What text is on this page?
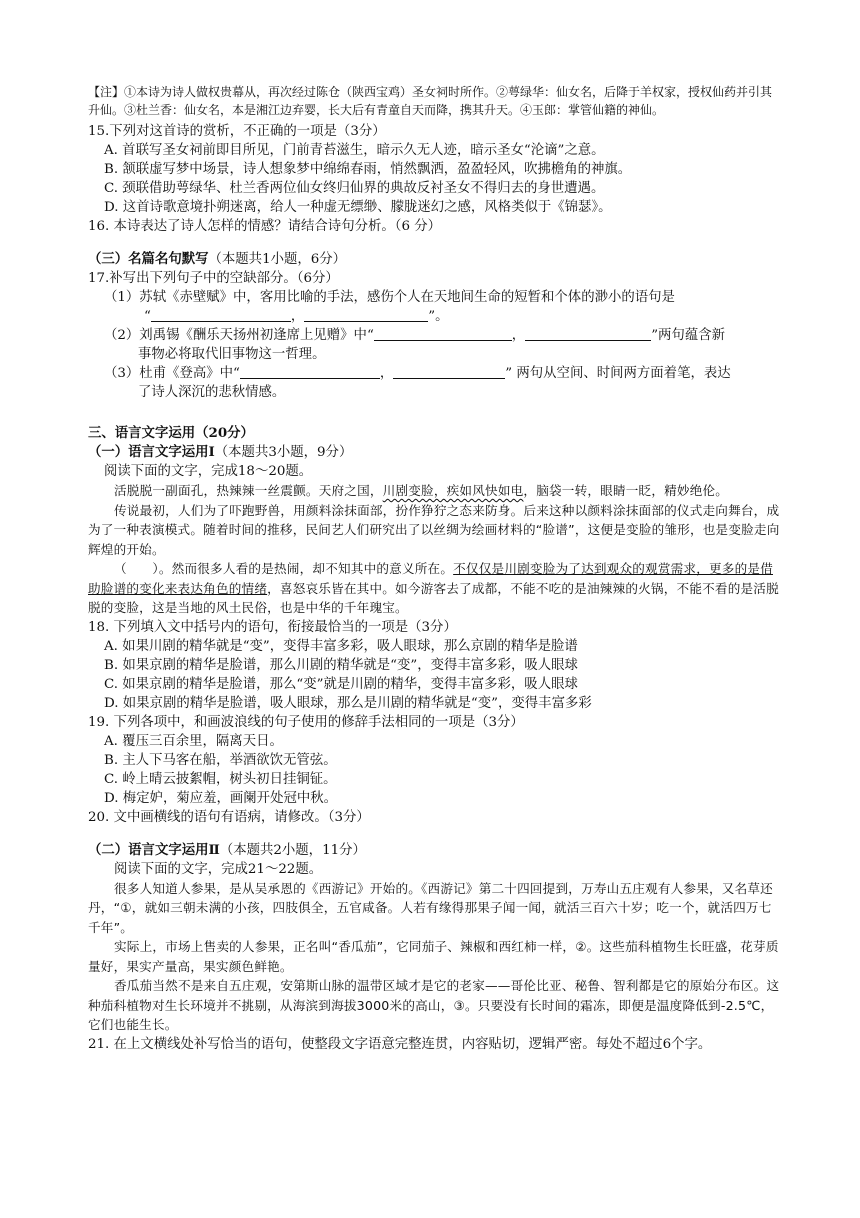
【注】①本诗为诗人做权贵幕从，再次经过陈仓（陕西宝鸡）圣女祠时所作。②萼绿华：仙女名，后降于羊权家，授权仙药并引其升仙。③杜兰香：仙女名，本是湘江边弃婴，长大后有青童自天而降，携其升天。④玉郎：掌管仙籍的神仙。

15.下列对这首诗的赏析，不正确的一项是（3分）

A. 首联写圣女祠前即目所见，门前青苔滋生，暗示久无人迹，暗示圣女“沦谪”之意。

B. 颔联虚写梦中场景，诗人想象梦中绵绵春雨，悄然飘洒，盈盈轻风，吹拂檐角的神旗。

C. 颈联借助萼绿华、杜兰香两位仙女终归仙界的典故反衬圣女不得归去的身世遭遇。

D. 这首诗歌意境扑朔迷离，给人一种虚无缥缈、朦胧迷幻之感，风格类似于《锦瑟》。

16. 本诗表达了诗人怎样的情感？请结合诗句分析。（6 分）

（三）名篇名句默写（本题共1小题，6分）

17.补写出下列句子中的空缺部分。（6分）

（1）苏轼《赤壁赋》中，客用比喻的手法，感伤个人在天地间生命的短暂和个体的渺小的语句是

“	，	”。

（2）刘禹锡《酬乐天扬州初逢席上见赠》中“	，	”两句蕴含新

事物必将取代旧事物这一哲理。

（3）杜甫《登高》中“	，	” 两句从空间、时间两方面着笔，表达

了诗人深沉的悲秋情感。

三、语言文字运用（20分）

（一）语言文字运用Ⅰ（本题共3小题，9分）

阅读下面的文字，完成18～20题。

活脱脱一副面孔，热辣辣一丝震颤。天府之国，川剧变脸，疾如风快如电，脑袋一转，眼睛一眨，精妙绝伦。

传说最初，人们为了吓跑野兽，用颜料涂抹面部，扮作狰狞之态来防身。后来这种以颜料涂抹面部的仪式走向舞台，成为了一种表演模式。随着时间的推移，民间艺人们研究出了以丝绸为绘画材料的“脸谱”，这便是变脸的雏形，也是变脸走向辉煌的开始。

（　　）。然而很多人看的是热闹，却不知其中的意义所在。不仅仅是川剧变脸为了达到观众的观赏需求，更多的是借助脸谱的变化来表达角色的情绪，喜怒哀乐皆在其中。如今游客去了成都，不能不吃的是油辣辣的火锅，不能不看的是活脱脱的变脸，这是当地的风土民俗，也是中华的千年瑰宝。

18. 下列填入文中括号内的语句，衔接最恰当的一项是（3分）

A. 如果川剧的精华就是“变”，变得丰富多彩，吸人眼球，那么京剧的精华是脸谱

B. 如果京剧的精华是脸谱，那么川剧的精华就是“变”，变得丰富多彩，吸人眼球

C. 如果京剧的精华是脸谱，那么“变”就是川剧的精华，变得丰富多彩，吸人眼球

D. 如果京剧的精华是脸谱，吸人眼球，那么是川剧的精华就是“变”，变得丰富多彩

19. 下列各项中，和画波浪线的句子使用的修辞手法相同的一项是（3分）

A. 覆压三百余里，隔离天日。

B. 主人下马客在船，举酒欲饮无管弦。

C. 岭上晴云披絮帽，树头初日挂铜钲。

D. 梅定妒，菊应羞，画阑开处冠中秋。

20. 文中画横线的语句有语病，请修改。（3分）

（二）语言文字运用Ⅱ（本题共2小题，11分）

阅读下面的文字，完成21～22题。

很多人知道人参果，是从吴承恩的《西游记》开始的。《西游记》第二十四回提到，万寿山五庄观有人参果，又名草还丹，“①，就如三朝未满的小孩，四肢俱全，五官咸备。人若有缘得那果子闻一闻，就活三百六十岁；吃一个，就活四万七千年”。

实际上，市场上售卖的人参果，正名叫“香瓜茄”，它同茄子、辣椒和西红柿一样，②。这些茄科植物生长旺盛，花芽质量好，果实产量高，果实颜色鲜艳。

香瓜茄当然不是来自五庄观，安第斯山脉的温带区域才是它的老家——哥伦比亚、秘鲁、智利都是它的原始分布区。这种茄科植物对生长环境并不挑剔，从海滨到海拔3000米的高山，③。只要没有长时间的霜冻，即便是温度降低到-2.5℃，它们也能生长。

21. 在上文横线处补写恰当的语句，使整段文字语意完整连贯，内容贴切，逻辑严密。每处不超过6个字。
